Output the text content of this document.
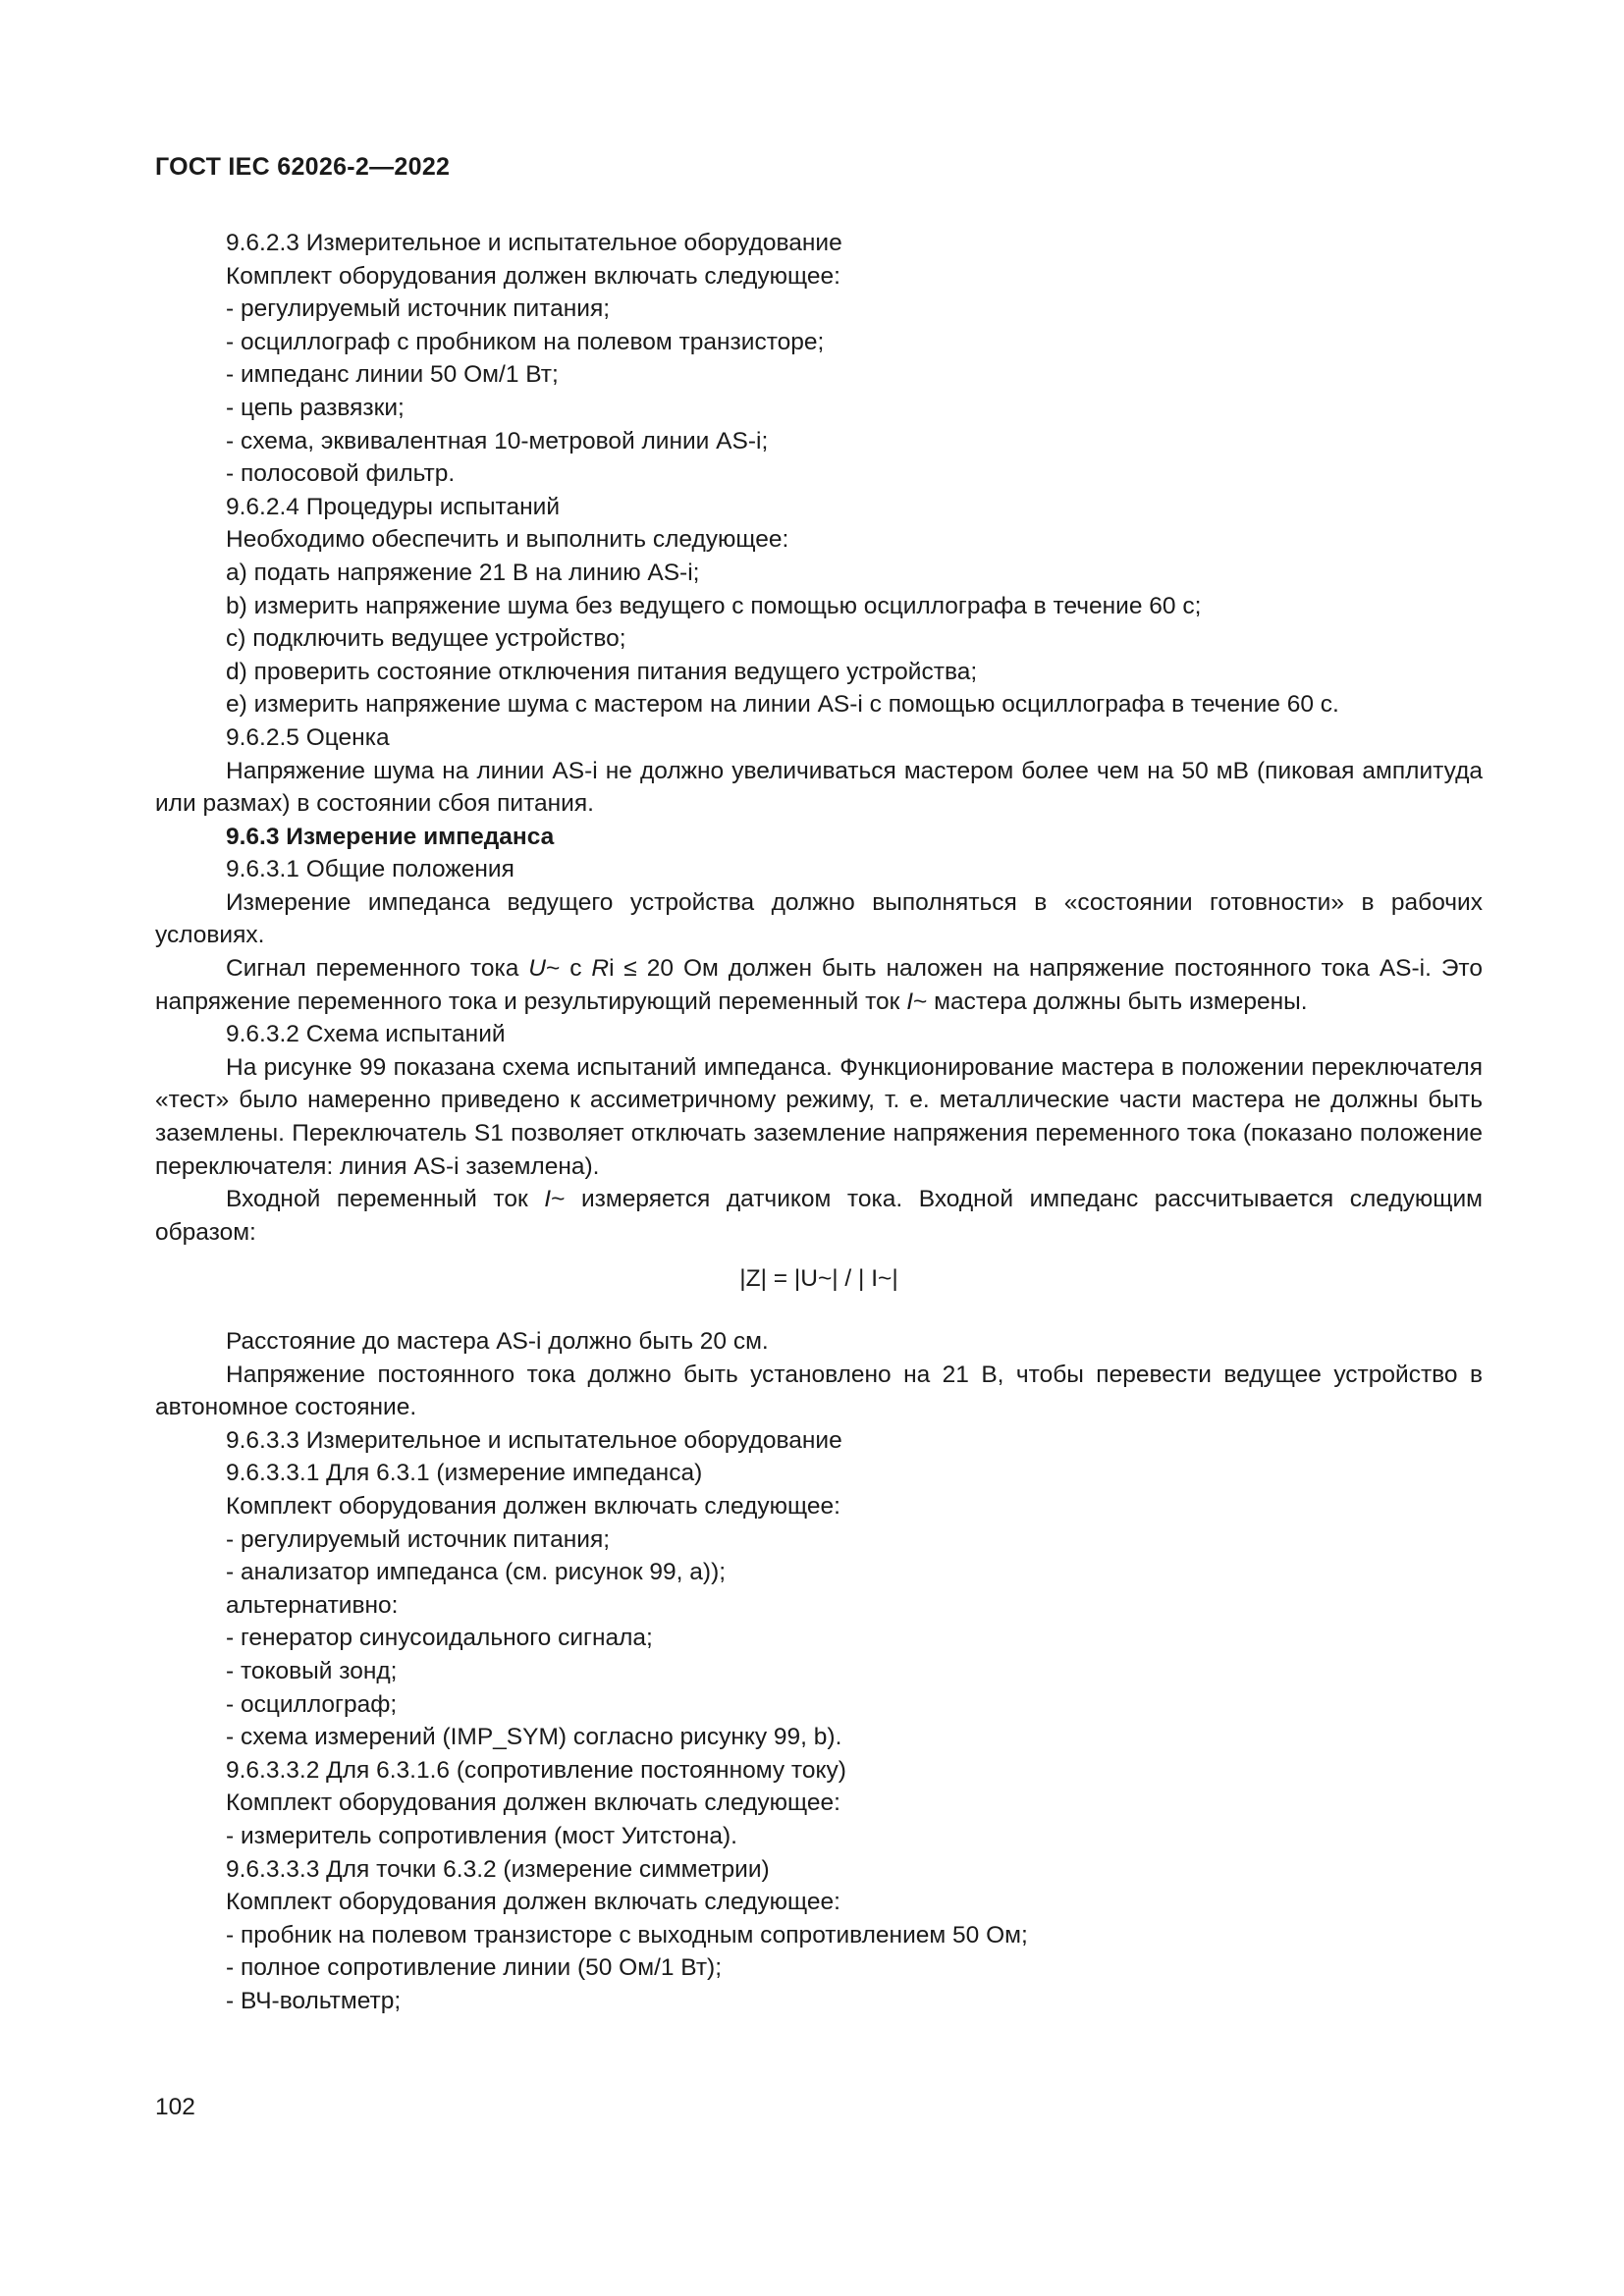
ГОСТ IEC 62026-2—2022

9.6.2.3 Измерительное и испытательное оборудование

Комплект оборудования должен включать следующее:

- регулируемый источник питания;

- осциллограф с пробником на полевом транзисторе;

- импеданс линии 50 Ом/1 Вт;

- цепь развязки;

- схема, эквивалентная 10-метровой линии AS-i;

- полосовой фильтр.

9.6.2.4 Процедуры испытаний

Необходимо обеспечить и выполнить следующее:

a) подать напряжение 21 В на линию AS-i;

b) измерить напряжение шума без ведущего с помощью осциллографа в течение 60 с;

c) подключить ведущее устройство;

d) проверить состояние отключения питания ведущего устройства;

e) измерить напряжение шума с мастером на линии AS-i с помощью осциллографа в течение 60 с.

9.6.2.5 Оценка

Напряжение шума на линии AS-i не должно увеличиваться мастером более чем на 50 мВ (пиковая амплитуда или размах) в состоянии сбоя питания.

9.6.3 Измерение импеданса

9.6.3.1 Общие положения

Измерение импеданса ведущего устройства должно выполняться в «состоянии готовности» в рабочих условиях.

Сигнал переменного тока U~ с Ri ≤ 20 Ом должен быть наложен на напряжение постоянного тока AS-i. Это напряжение переменного тока и результирующий переменный ток I~ мастера должны быть измерены.

9.6.3.2 Схема испытаний

На рисунке 99 показана схема испытаний импеданса. Функционирование мастера в положении переключателя «тест» было намеренно приведено к ассиметричному режиму, т. е. металлические части мастера не должны быть заземлены. Переключатель S1 позволяет отключать заземление напряжения переменного тока (показано положение переключателя: линия AS-i заземлена).

Входной переменный ток I~ измеряется датчиком тока. Входной импеданс рассчитывается следующим образом:

|Z| = |U~| / | I~|

Расстояние до мастера AS-i должно быть 20 см.

Напряжение постоянного тока должно быть установлено на 21 В, чтобы перевести ведущее устройство в автономное состояние.

9.6.3.3 Измерительное и испытательное оборудование

9.6.3.3.1 Для 6.3.1 (измерение импеданса)

Комплект оборудования должен включать следующее:

- регулируемый источник питания;

- анализатор импеданса (см. рисунок 99, а));

альтернативно:

- генератор синусоидального сигнала;

- токовый зонд;

- осциллограф;

- схема измерений (IMP_SYM) согласно рисунку 99, b).

9.6.3.3.2 Для 6.3.1.6 (сопротивление постоянному току)

Комплект оборудования должен включать следующее:

- измеритель сопротивления (мост Уитстона).

9.6.3.3.3 Для точки 6.3.2 (измерение симметрии)

Комплект оборудования должен включать следующее:

- пробник на полевом транзисторе с выходным сопротивлением 50 Ом;

- полное сопротивление линии (50 Ом/1 Вт);

- ВЧ-вольтметр;

102
